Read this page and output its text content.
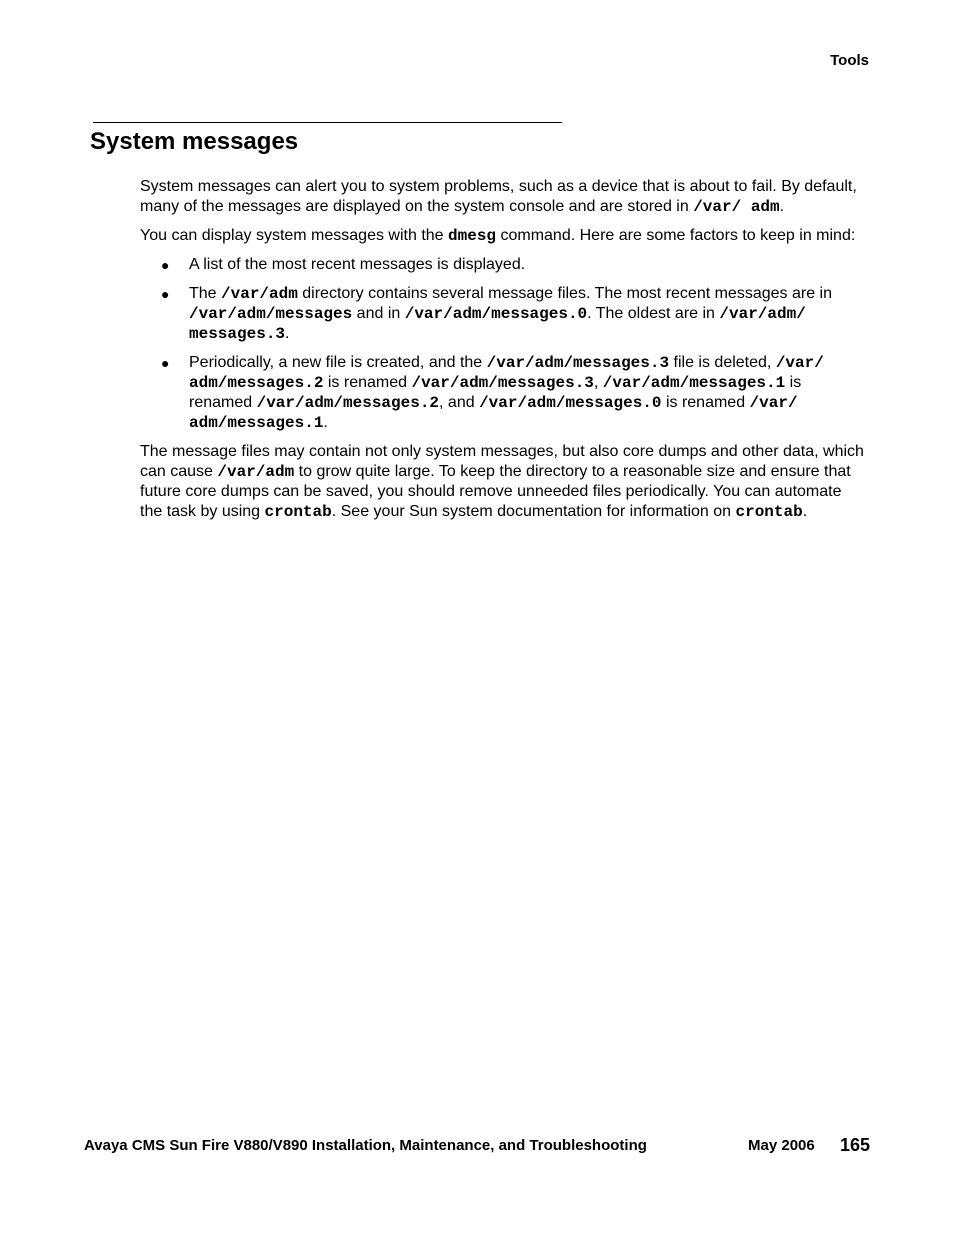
Tools
System messages

System messages can alert you to system problems, such as a device that is about to fail. By default, many of the messages are displayed on the system console and are stored in /var/ adm.

You can display system messages with the dmesg command. Here are some factors to keep in mind:

● A list of the most recent messages is displayed.
● The /var/adm directory contains several message files. The most recent messages are in /var/adm/messages and in /var/adm/messages.0. The oldest are in /var/adm/ messages.3.
● Periodically, a new file is created, and the /var/adm/messages.3 file is deleted, /var/ adm/messages.2 is renamed /var/adm/messages.3, /var/adm/messages.1 is renamed /var/adm/messages.2, and /var/adm/messages.0 is renamed /var/ adm/messages.1.

The message files may contain not only system messages, but also core dumps and other data, which can cause /var/adm to grow quite large. To keep the directory to a reasonable size and ensure that future core dumps can be saved, you should remove unneeded files periodically. You can automate the task by using crontab. See your Sun system documentation for information on crontab.

Avaya CMS Sun Fire V880/V890 Installation, Maintenance, and Troubleshooting	May 2006 165
